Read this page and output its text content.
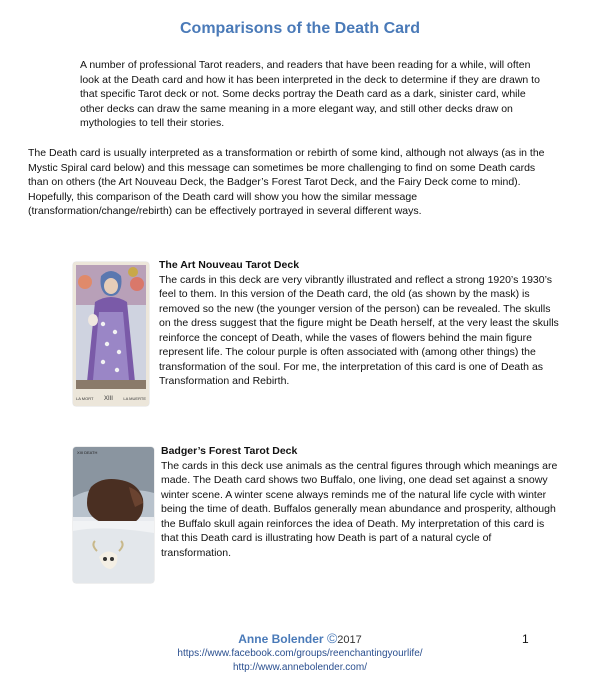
Comparisons of the Death Card

A number of professional Tarot readers, and readers that have been reading for a while, will often look at the Death card and how it has been interpreted in the deck to determine if they are drawn to that specific Tarot deck or not. Some decks portray the Death card as a dark, sinister card, while other decks can draw the same meaning in a more elegant way, and still other decks draw on mythologies to tell their stories.

The Death card is usually interpreted as a transformation or rebirth of some kind, although not always (as in the Mystic Spiral card below) and this message can sometimes be more challenging to find on some Death cards than on others (the Art Nouveau Deck, the Badger’s Forest Tarot Deck, and the Fairy Deck come to mind). Hopefully, this comparison of the Death card will show you how the similar message (transformation/change/rebirth) can be effectively portrayed in several different ways.

LA MORT XIII	LA MUERTE
The Art Nouveau Tarot Deck

The cards in this deck are very vibrantly illustrated and reflect a strong 1920’s 1930’s feel to them. In this version of the Death card, the old (as shown by the mask) is removed so the new (the younger version of the person) can be revealed. The skulls on the dress suggest that the figure might be Death herself, at the very least the skulls reinforce the concept of Death, while the vases of flowers behind the main figure represent life. The colour purple is often associated with (among other things) the transformation of the soul. For me, the interpretation of this card is one of Death as Transformation and Rebirth.

XIII DEATH	Badger’s Forest Tarot Deck

The cards in this deck use animals as the central figures through which meanings are made. The Death card shows two Buffalo, one living, one dead set against a snowy winter scene. A winter scene always reminds me of the natural life cycle with winter being the time of death. Buffalos generally mean abundance and prosperity, although the Buffalo skull again reinforces the idea of Death. My interpretation of this card is that this Death card is illustrating how Death is part of a natural cycle of transformation.

Anne Bolender ©2017	1
https://www.facebook.com/groups/reenchantingyourlife/
http://www.annebolender.com/
